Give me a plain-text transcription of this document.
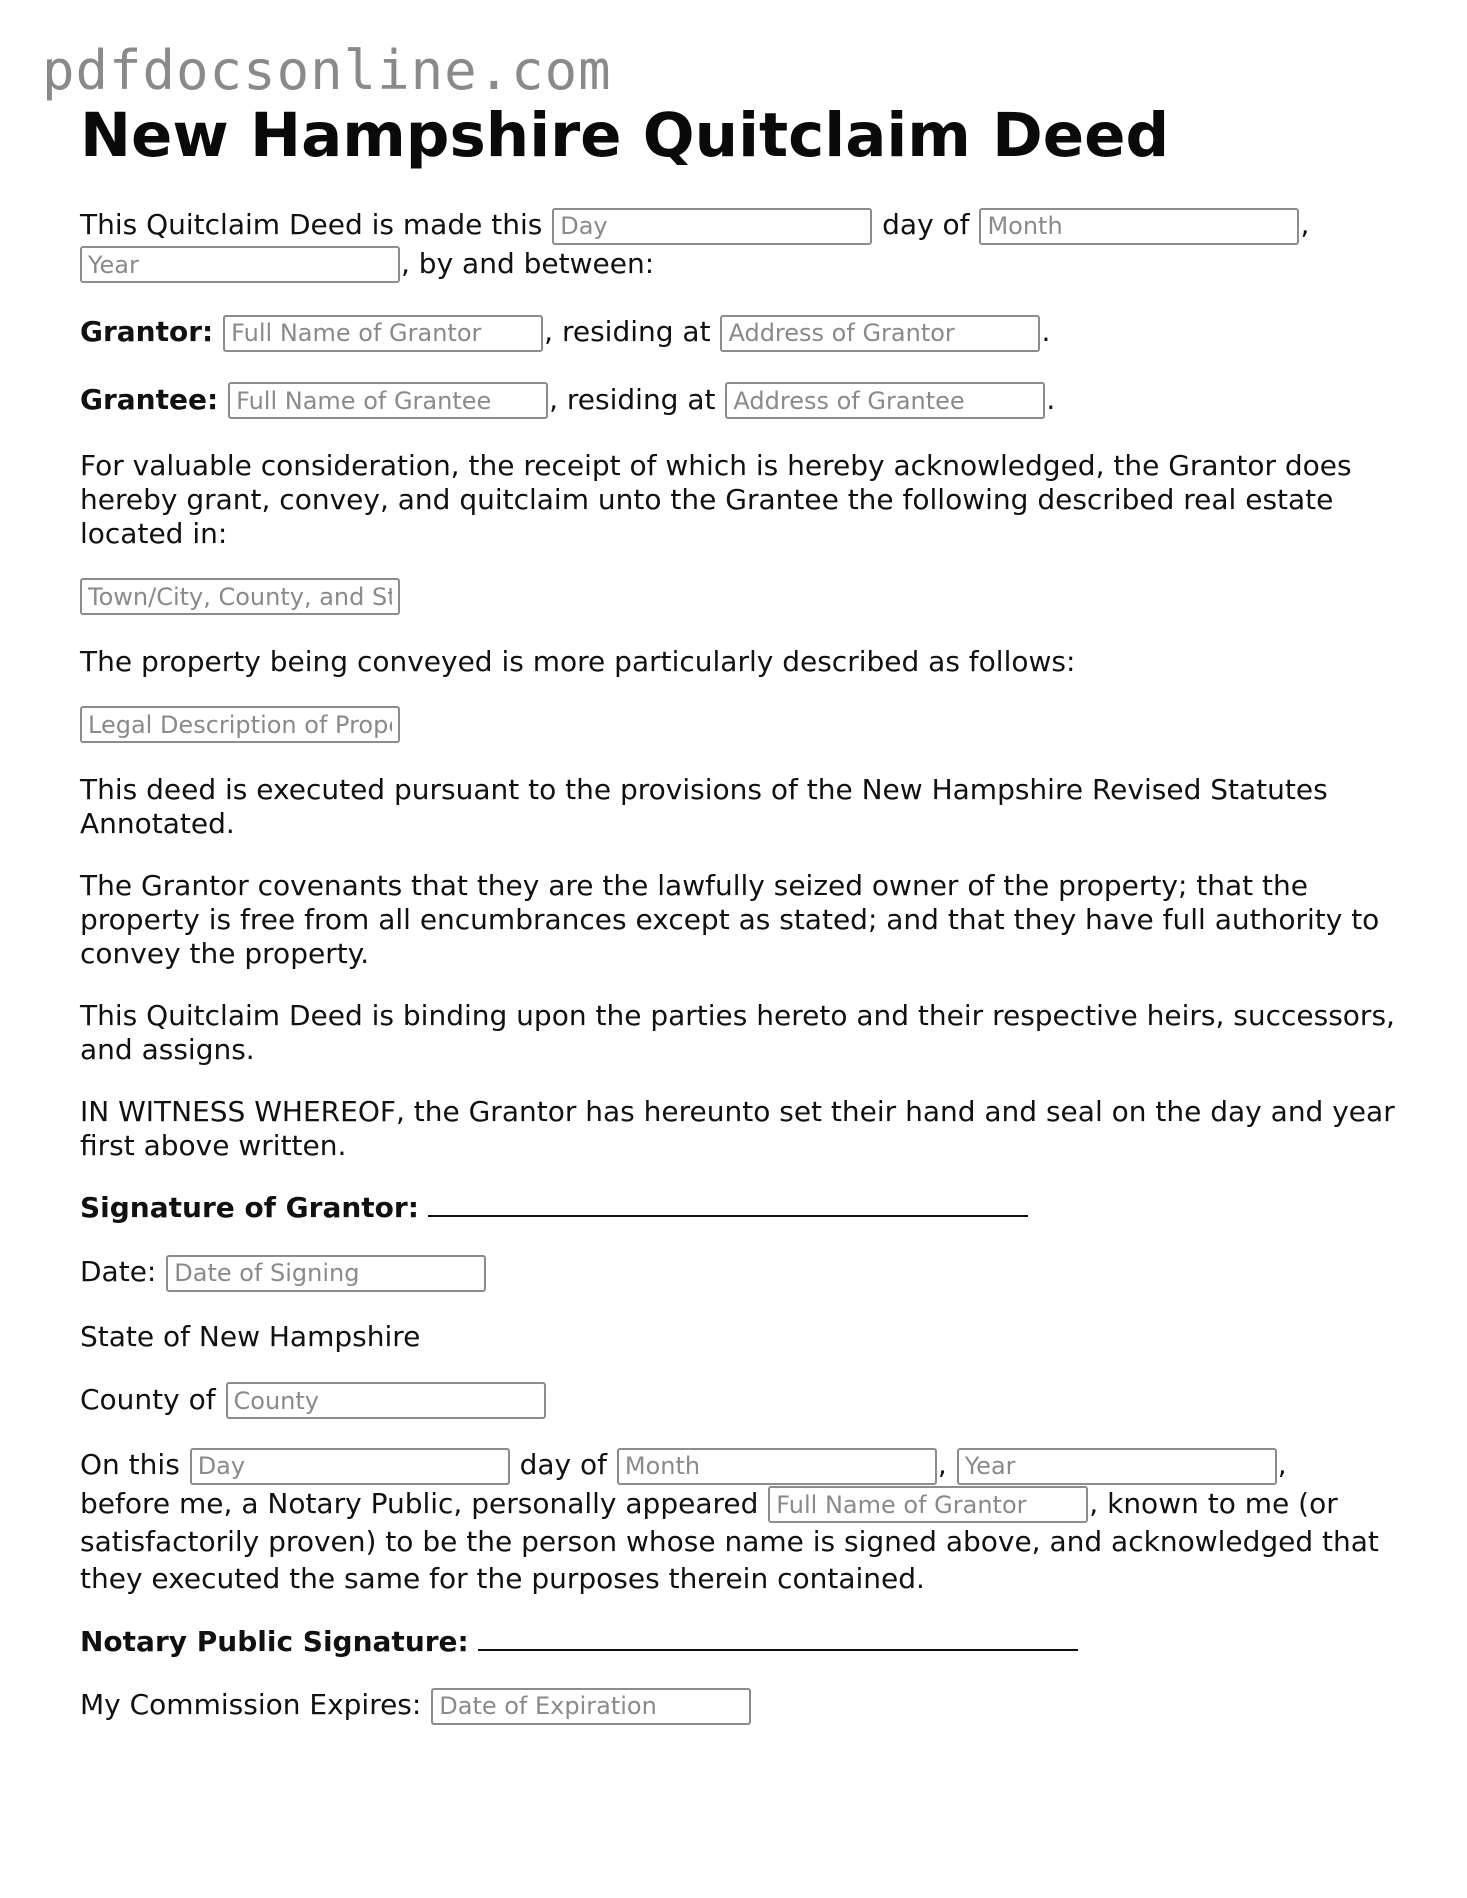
pdfdocsonline.com
New Hampshire Quitclaim Deed

This Quitclaim Deed is made this Day	day of Month	,
Year, by and between:

Grantor: Full Name of Grantor	, residing at Address of Grantor	.

Grantee: Full Name of Grantee	, residing at Address of Grantee	.

For valuable consideration, the receipt of which is hereby acknowledged, the Grantor does hereby grant, convey, and quitclaim unto the Grantee the following described real estate located in:

Town/City, County, and State

The property being conveyed is more particularly described as follows:

Legal Description of Property

This deed is executed pursuant to the provisions of the New Hampshire Revised Statutes Annotated.

The Grantor covenants that they are the lawfully seized owner of the property; that the property is free from all encumbrances except as stated; and that they have full authority to convey the property.

This Quitclaim Deed is binding upon the parties hereto and their respective heirs, successors, and assigns.

IN WITNESS WHEREOF, the Grantor has hereunto set their hand and seal on the day and year first above written.

Signature of Grantor:

Date: Date of Signing

State of New Hampshire

County of County

On this Day	day of Month	, Year	,
before me, a Notary Public, personally appeared Full Name of Grantor	, known to me (or satisfactorily proven) to be the person whose name is signed above, and acknowledged that they executed the same for the purposes therein contained.

Notary Public Signature:

My Commission Expires: Date of Expiration
